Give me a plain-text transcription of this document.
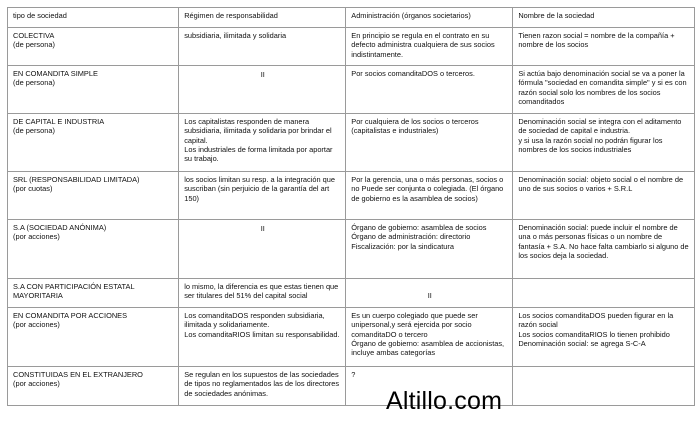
tipo de sociedad	Régimen de responsabilidad	Administración (órganos societarios)	Nombre de la sociedad
COLECTIVA
(de persona)	subsidiaria, ilimitada y solidaria	En principio se regula en el contrato en su defecto administra cualquiera de sus socios indistintamente.	Tienen razon social = nombre de la compañía + nombre de los socios
EN COMANDITA SIMPLE
(de persona)	II	Por socios comanditaDOS o terceros.	Si actúa bajo denominación social se va a poner la fórmula "sociedad en comandita simple" y si es con razón social solo los nombres de los socios comanditados
DE CAPITAL E INDUSTRIA
(de persona)	Los capitalistas responden de manera subsidiaria, ilimitada y solidaria por brindar el capital.
Los industriales de forma limitada por aportar su trabajo.	Por cualquiera de los socios o terceros (capitalistas e industriales)	Denominación social se integra con el aditamento de sociedad de capital e industria.
y si usa la razón social no podrán figurar los nombres de los socios industriales
SRL (RESPONSABILIDAD LIMITADA)
(por cuotas)	los socios limitan su resp. a la integración que suscriban (sin perjuicio de la garantía del art 150)	Por la gerencia, una o más personas, socios o no Puede ser conjunta o colegiada. (El órgano de gobierno es la asamblea de socios)	Denominación social: objeto social o el nombre de uno de sus socios o varios + S.R.L
S.A (SOCIEDAD ANÓNIMA)
(por acciones)	II	Órgano de gobierno: asamblea de socios
Órgano de administración: directorio
Fiscalización: por la sindicatura	Denominación social: puede incluir el nombre de una o más personas físicas o un nombre de fantasía + S.A. No hace falta cambiarlo si alguno de los socios deja la sociedad.
S.A CON PARTICIPACIÓN ESTATAL MAYORITARIA	lo mismo, la diferencia es que estas tienen que ser titulares del 51% del capital social	II	

EN COMANDITA POR ACCIONES
(por acciones)	Los comanditaDOS responden subsidiaria, ilimitada y solidariamente.
Los comanditaRIOS limitan su responsabilidad.	Es un cuerpo colegiado que puede ser unipersonal,y será ejercida por socio comanditaDO o tercero
Órgano de gobierno: asamblea de accionistas, incluye ambas categorías	Los socios comanditaDOS pueden figurar en la razón social
Los socios comanditaRIOS lo tienen prohibido
Denominación social: se agrega S-C-A
CONSTITUIDAS EN EL EXTRANJERO
(por acciones)	Se regulan en los supuestos de las sociedades de tipos no reglamentados las de los directores de sociedades anónimas.	?	
Altillo.com
